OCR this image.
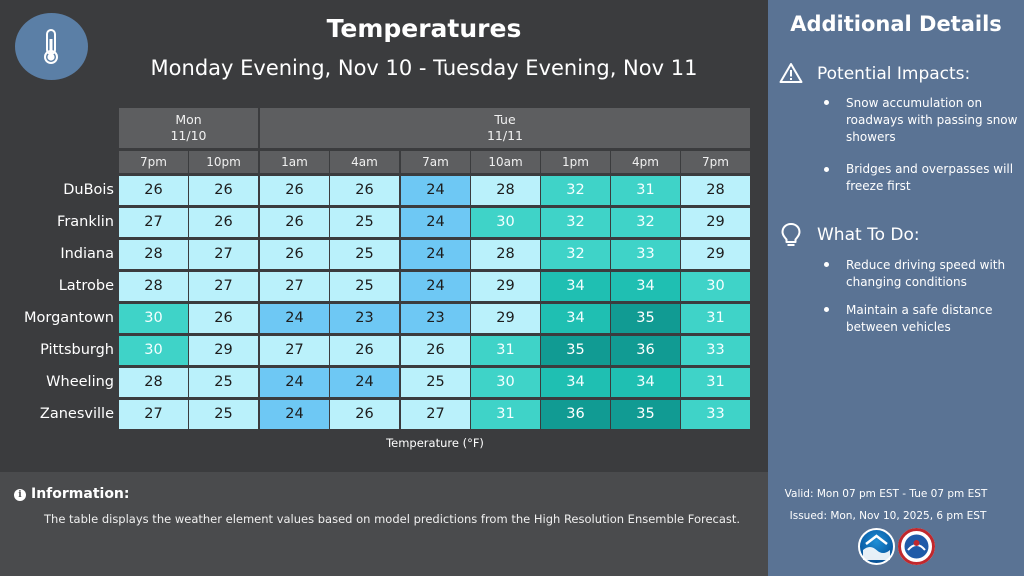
Temperatures
Monday Evening, Nov 10 - Tuesday Evening, Nov 11
Mon
11/10
Tue
11/11
7pm	10pm	1am	4am	7am	10am	1pm	4pm	7pm
DuBois	26	26	26	26	24	28	32	31	28
Franklin	27	26	26	25	24	30	32	32	29
Indiana	28	27	26	25	24	28	32	33	29
Latrobe	28	27	27	25	24	29	34	34	30
Morgantown	30	26	24	23	23	29	34	35	31
Pittsburgh	30	29	27	26	26	31	35	36	33
Wheeling	28	25	24	24	25	30	34	34	31
Zanesville	27	25	24	26	27	31	36	35	33
Temperature (°F)
i Information:
The table displays the weather element values based on model predictions from the High Resolution Ensemble Forecast.
Additional Details
Potential Impacts:
Snow accumulation on roadways with passing snow showers
Bridges and overpasses will freeze first
What To Do:
Reduce driving speed with changing conditions
Maintain a safe distance between vehicles
Valid: Mon 07 pm EST - Tue 07 pm EST
Issued: Mon, Nov 10, 2025, 6 pm EST
